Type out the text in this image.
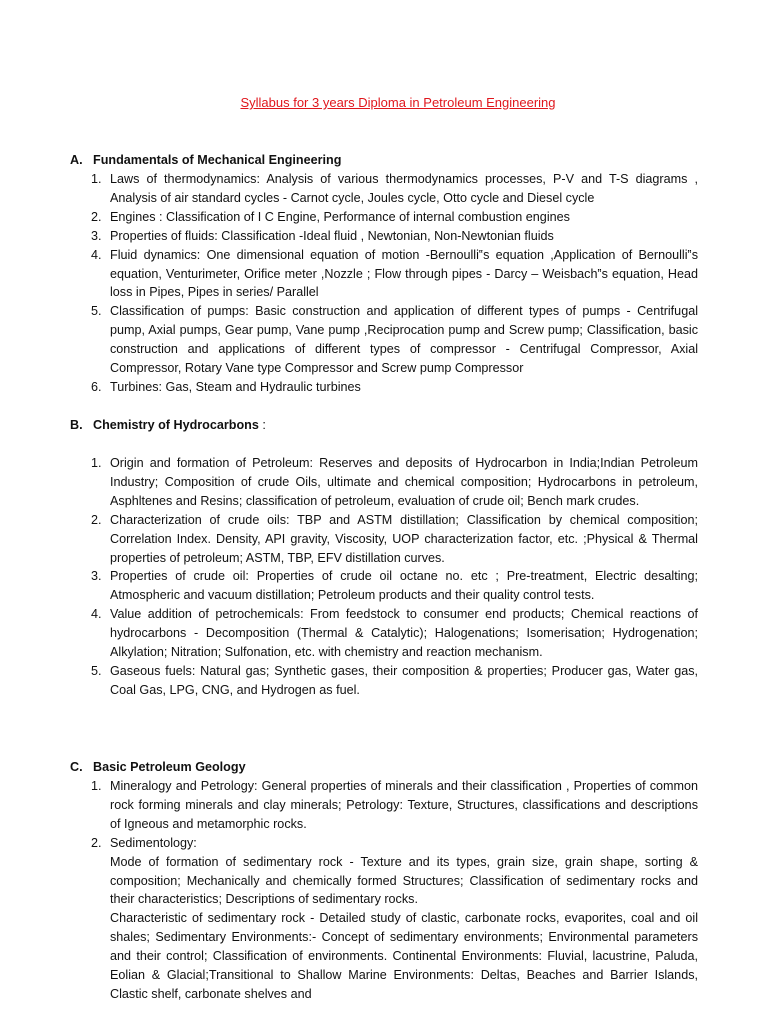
Syllabus for 3 years Diploma in Petroleum Engineering
A. Fundamentals of Mechanical Engineering
1. Laws of thermodynamics: Analysis of various thermodynamics processes, P-V and T-S diagrams , Analysis of air standard cycles - Carnot cycle, Joules cycle, Otto cycle and Diesel cycle
2. Engines : Classification of I C Engine, Performance of internal combustion engines
3. Properties of fluids: Classification -Ideal fluid , Newtonian, Non-Newtonian fluids
4. Fluid dynamics: One dimensional equation of motion -Bernoulli‟s equation ,Application of Bernoulli‟s equation, Venturimeter, Orifice meter ,Nozzle ; Flow through pipes - Darcy – Weisbach‟s equation, Head loss in Pipes, Pipes in series/ Parallel
5. Classification of pumps: Basic construction and application of different types of pumps - Centrifugal pump, Axial pumps, Gear pump, Vane pump ,Reciprocation pump and Screw pump; Classification, basic construction and applications of different types of compressor - Centrifugal Compressor, Axial Compressor, Rotary Vane type Compressor and Screw pump Compressor
6. Turbines: Gas, Steam and Hydraulic turbines
B. Chemistry of Hydrocarbons :
1. Origin and formation of Petroleum: Reserves and deposits of Hydrocarbon in India;Indian Petroleum Industry; Composition of crude Oils, ultimate and chemical composition; Hydrocarbons in petroleum, Asphltenes and Resins; classification of petroleum, evaluation of crude oil; Bench mark crudes.
2. Characterization of crude oils: TBP and ASTM distillation; Classification by chemical composition; Correlation Index. Density, API gravity, Viscosity, UOP characterization factor, etc. ;Physical & Thermal properties of petroleum; ASTM, TBP, EFV distillation curves.
3. Properties of crude oil: Properties of crude oil octane no. etc ; Pre-treatment, Electric desalting; Atmospheric and vacuum distillation; Petroleum products and their quality control tests.
4. Value addition of petrochemicals: From feedstock to consumer end products; Chemical reactions of hydrocarbons - Decomposition (Thermal & Catalytic); Halogenations; Isomerisation; Hydrogenation; Alkylation; Nitration; Sulfonation, etc. with chemistry and reaction mechanism.
5. Gaseous fuels: Natural gas; Synthetic gases, their composition & properties; Producer gas, Water gas, Coal Gas, LPG, CNG, and Hydrogen as fuel.
C. Basic Petroleum Geology
1. Mineralogy and Petrology: General properties of minerals and their classification , Properties of common rock forming minerals and clay minerals; Petrology: Texture, Structures, classifications and descriptions of Igneous and metamorphic rocks.
2. Sedimentology:
Mode of formation of sedimentary rock - Texture and its types, grain size, grain shape, sorting & composition; Mechanically and chemically formed Structures; Classification of sedimentary rocks and their characteristics; Descriptions of sedimentary rocks.
Characteristic of sedimentary rock - Detailed study of clastic, carbonate rocks, evaporites, coal and oil shales; Sedimentary Environments:- Concept of sedimentary environments; Environmental parameters and their control; Classification of environments. Continental Environments: Fluvial, lacustrine, Paluda, Eolian & Glacial;Transitional to Shallow Marine Environments: Deltas, Beaches and Barrier Islands, Clastic shelf, carbonate shelves and
